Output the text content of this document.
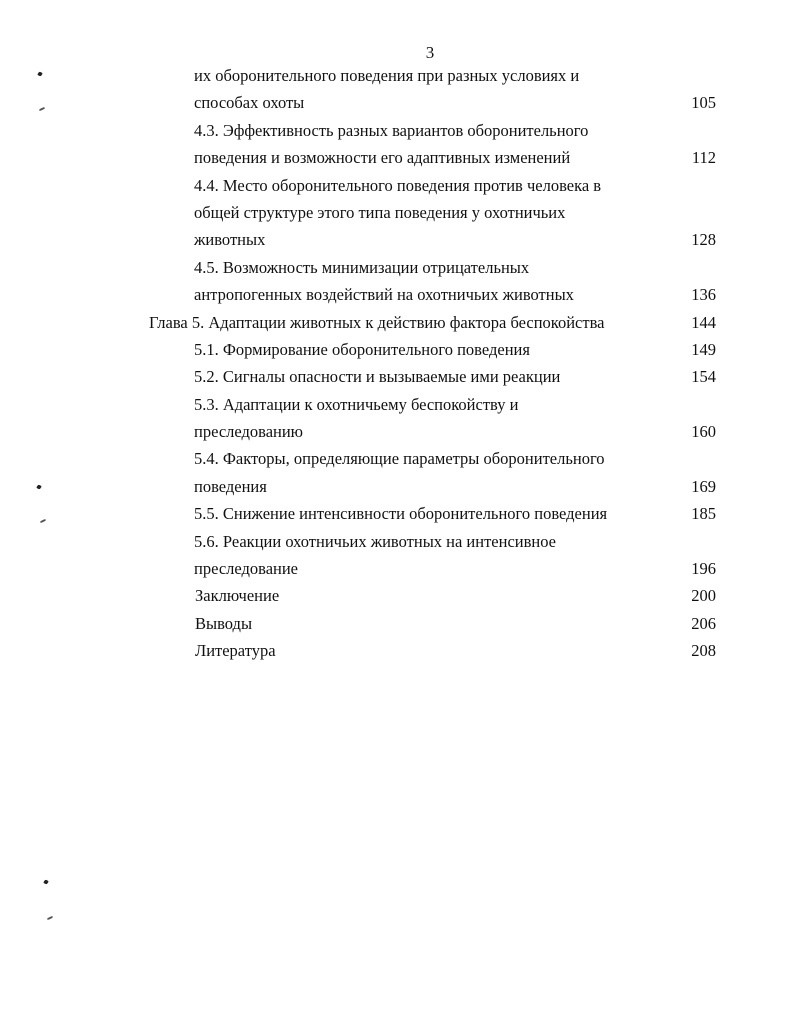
3
их оборонительного поведения при разных условиях и
способах охоты	105
4.3. Эффективность разных вариантов оборонительного
поведения и возможности его адаптивных изменений	112
4.4. Место оборонительного поведения против человека в
общей структуре этого типа поведения у охотничьих
животных	128
4.5. Возможность минимизации отрицательных
антропогенных воздействий на охотничьих животных	136
Глава 5. Адаптации животных к действию фактора беспокойства	144
5.1. Формирование оборонительного поведения	149
5.2. Сигналы опасности и вызываемые ими реакции	154
5.3. Адаптации к охотничьему беспокойству и
преследованию	160
5.4. Факторы, определяющие параметры оборонительного
поведения	169
5.5. Снижение интенсивности оборонительного поведения	185
5.6. Реакции охотничьих животных на интенсивное
преследование	196
Заключение	200
Выводы	206
Литература	208
